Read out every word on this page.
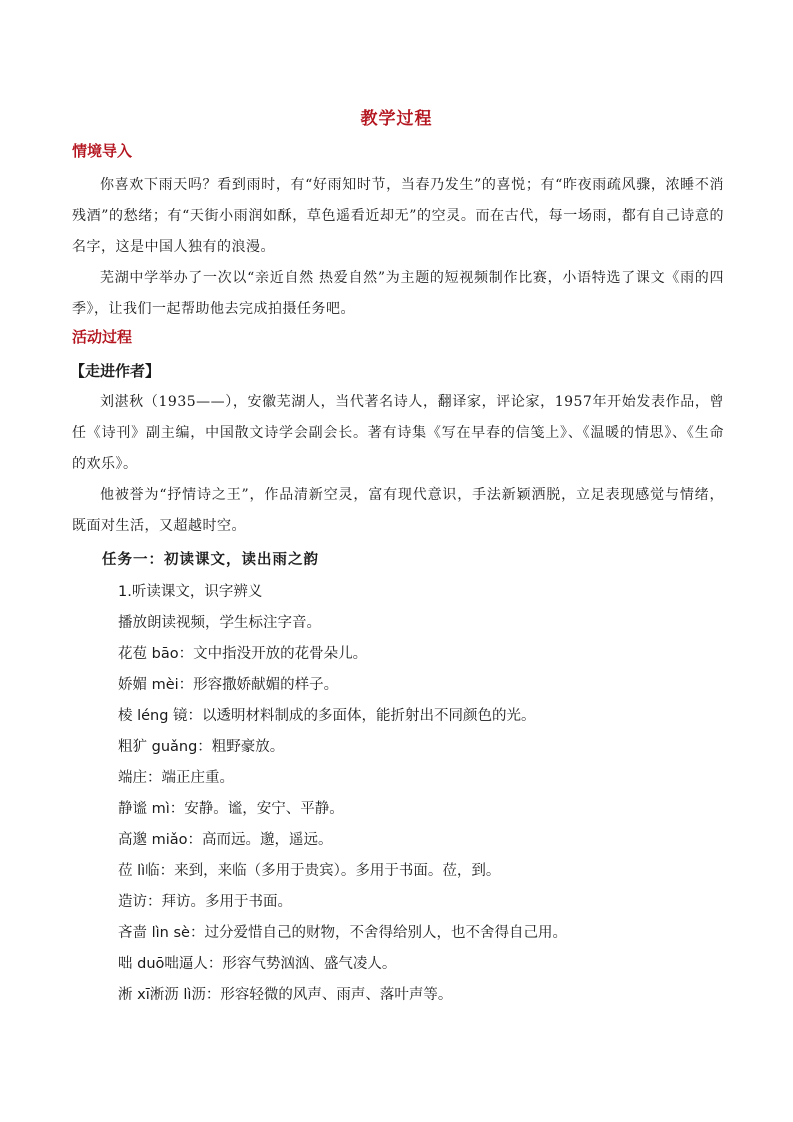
教学过程
情境导入
你喜欢下雨天吗？看到雨时，有“好雨知时节，当春乃发生”的喜悦；有“昨夜雨疏风骤，浓睡不消残酒”的愁绪；有“天街小雨润如酥，草色遥看近却无”的空灵。而在古代，每一场雨，都有自己诗意的名字，这是中国人独有的浪漫。
芜湖中学举办了一次以“亲近自然 热爱自然”为主题的短视频制作比赛，小语特选了课文《雨的四季》，让我们一起帮助他去完成拍摄任务吧。
活动过程
【走进作者】
刘湛秋（1935——），安徽芜湖人，当代著名诗人，翻译家，评论家，1957年开始发表作品，曾任《诗刊》副主编，中国散文诗学会副会长。著有诗集《写在早春的信笺上》、《温暖的情思》、《生命的欢乐》。
他被誉为“抒情诗之王”，作品清新空灵，富有现代意识，手法新颖洒脱，立足表现感觉与情绪，既面对生活，又超越时空。
任务一：初读课文，读出雨之韵
1.听读课文，识字辨义
播放朗读视频，学生标注字音。
花苞 bāo：文中指没开放的花骨朵儿。
娇媚 mèi：形容撒娇献媚的样子。
棱 léng 镜：以透明材料制成的多面体，能折射出不同颜色的光。
粗犷 guǎng：粗野豪放。
端庄：端正庄重。
静谧 mì：安静。谧，安宁、平静。
高邈 miǎo：高而远。邈，遥远。
莅 lì临：来到，来临（多用于贵宾）。多用于书面。莅，到。
造访：拜访。多用于书面。
吝啬 lìn sè：过分爱惜自己的财物，不舍得给别人，也不舍得自己用。
咄 duō咄逼人：形容气势汹汹、盛气凌人。
淅 xī淅沥 lì沥：形容轻微的风声、雨声、落叶声等。
